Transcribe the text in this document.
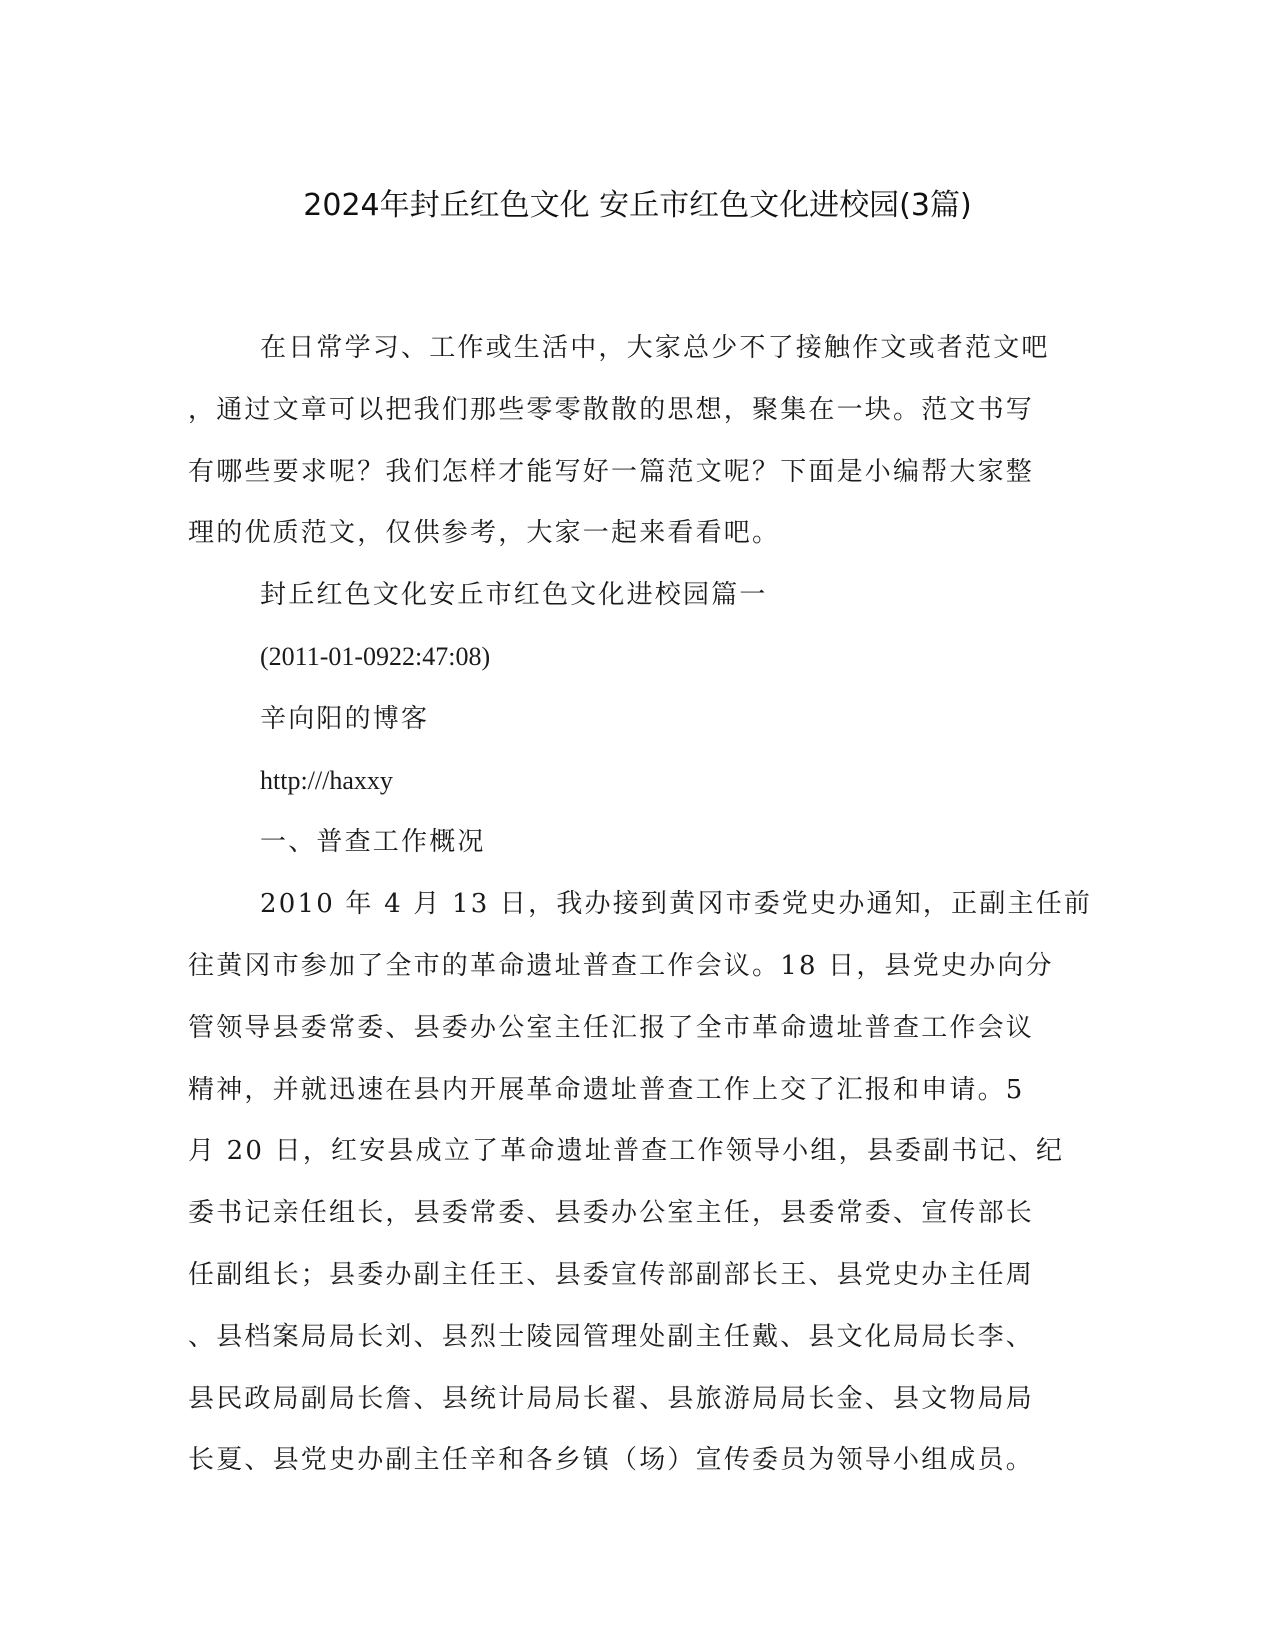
2024年封丘红色文化 安丘市红色文化进校园(3篇)
在日常学习、工作或生活中，大家总少不了接触作文或者范文吧
，通过文章可以把我们那些零零散散的思想，聚集在一块。范文书写
有哪些要求呢？我们怎样才能写好一篇范文呢？下面是小编帮大家整
理的优质范文，仅供参考，大家一起来看看吧。
封丘红色文化安丘市红色文化进校园篇一
(2011-01-0922:47:08)
辛向阳的博客
http:///haxxy
一、普查工作概况
2010 年 4 月 13 日，我办接到黄冈市委党史办通知，正副主任前
往黄冈市参加了全市的革命遗址普查工作会议。18 日，县党史办向分
管领导县委常委、县委办公室主任汇报了全市革命遗址普查工作会议
精神，并就迅速在县内开展革命遗址普查工作上交了汇报和申请。5
月 20 日，红安县成立了革命遗址普查工作领导小组，县委副书记、纪
委书记亲任组长，县委常委、县委办公室主任，县委常委、宣传部长
任副组长；县委办副主任王、县委宣传部副部长王、县党史办主任周
、县档案局局长刘、县烈士陵园管理处副主任戴、县文化局局长李、
县民政局副局长詹、县统计局局长翟、县旅游局局长金、县文物局局
长夏、县党史办副主任辛和各乡镇（场）宣传委员为领导小组成员。
